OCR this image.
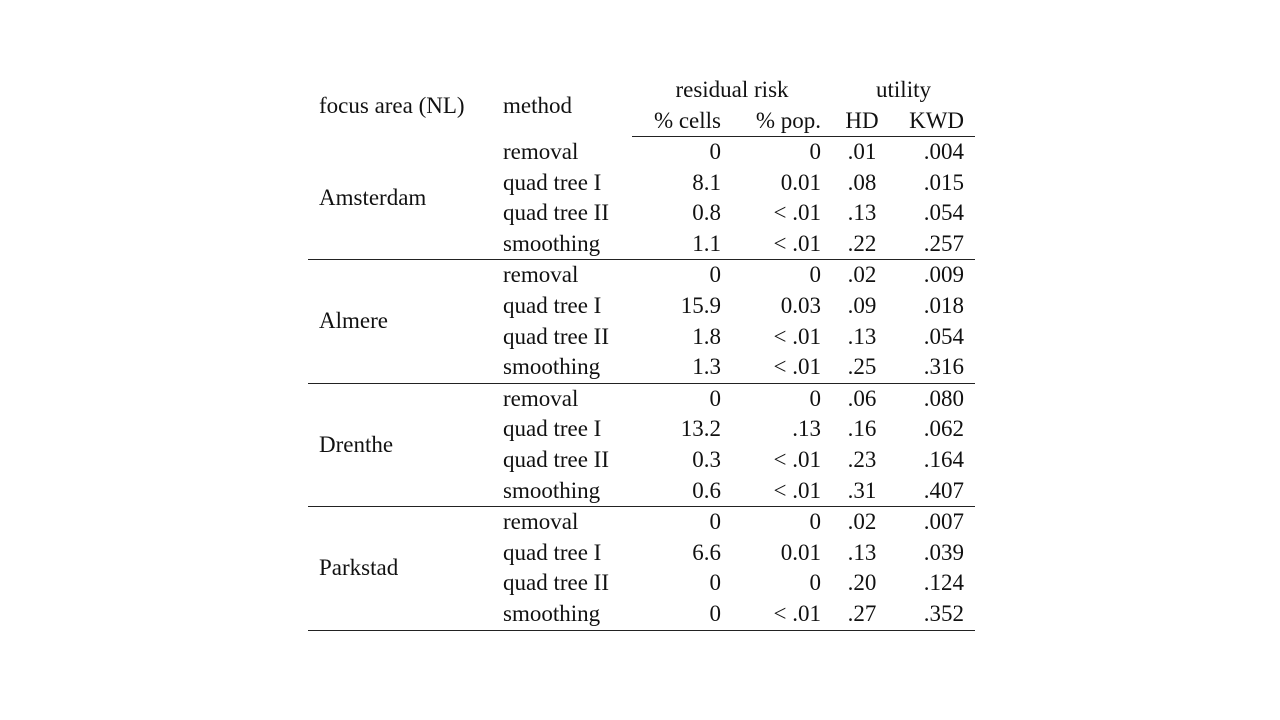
focus area (NL)	method	residual risk		utility	
		% cells	% pop.	HD	KWD
Amsterdam	removal	0	0	.01	.004
	quad tree I	8.1	0.01	.08	.015
	quad tree II	0.8	< .01	.13	.054
	smoothing	1.1	< .01	.22	.257
Almere	removal	0	0	.02	.009
	quad tree I	15.9	0.03	.09	.018
	quad tree II	1.8	< .01	.13	.054
	smoothing	1.3	< .01	.25	.316
Drenthe	removal	0	0	.06	.080
	quad tree I	13.2	.13	.16	.062
	quad tree II	0.3	< .01	.23	.164
	smoothing	0.6	< .01	.31	.407
Parkstad	removal	0	0	.02	.007
	quad tree I	6.6	0.01	.13	.039
	quad tree II	0	0	.20	.124
	smoothing	0	< .01	.27	.352
